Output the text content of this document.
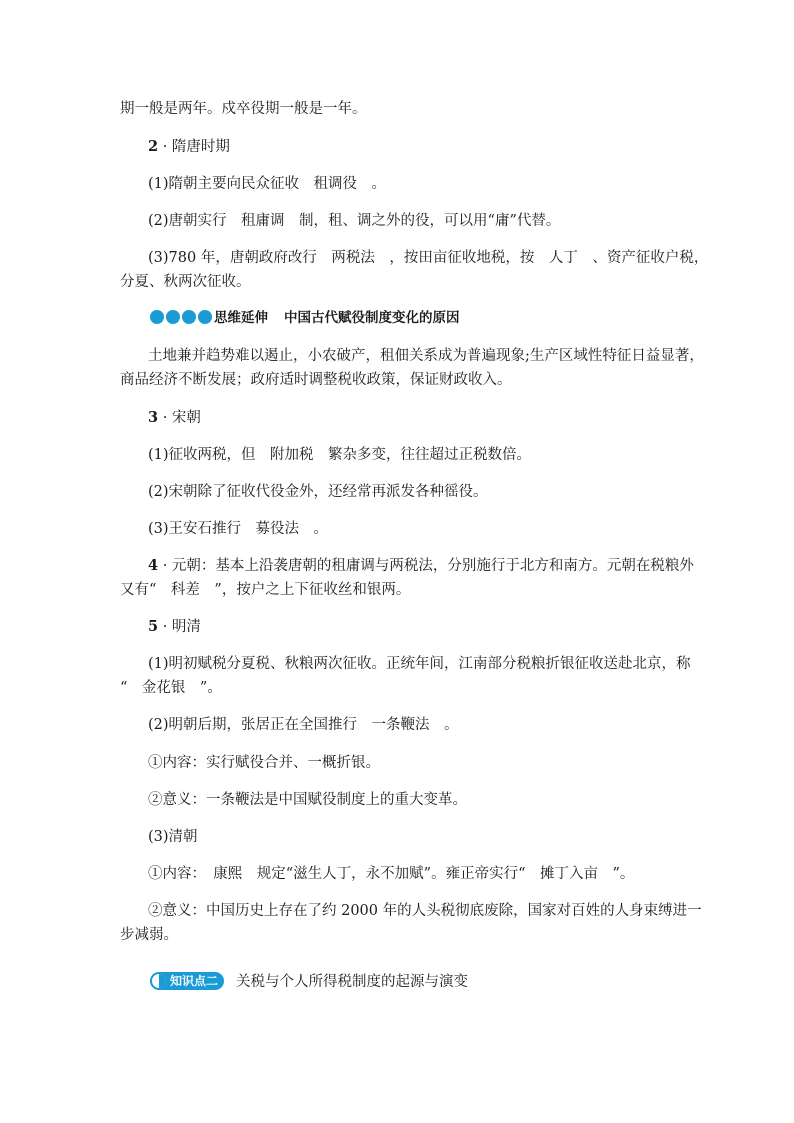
期一般是两年。戍卒役期一般是一年。
2 · 隋唐时期
(1)隋朝主要向民众征收　租调役　。
(2)唐朝实行　租庸调　制，租、调之外的役，可以用“庸”代替。
(3)780 年，唐朝政府改行　两税法　，按田亩征收地税，按　人丁　、资产征收户税，
分夏、秋两次征收。
思维延伸 中国古代赋役制度变化的原因
土地兼并趋势难以遏止，小农破产，租佃关系成为普遍现象;生产区域性特征日益显著，
商品经济不断发展；政府适时调整税收政策，保证财政收入。
3 · 宋朝
(1)征收两税，但　附加税　繁杂多变，往往超过正税数倍。
(2)宋朝除了征收代役金外，还经常再派发各种徭役。
(3)王安石推行　募役法　。
4 · 元朝：基本上沿袭唐朝的租庸调与两税法，分别施行于北方和南方。元朝在税粮外
又有“　科差　”，按户之上下征收丝和银两。
5 · 明清
(1)明初赋税分夏税、秋粮两次征收。正统年间，江南部分税粮折银征收送赴北京，称
“　金花银　”。
(2)明朝后期，张居正在全国推行　一条鞭法　。
①内容：实行赋役合并、一概折银。
②意义：一条鞭法是中国赋役制度上的重大变革。
(3)清朝
①内容：　康熙　规定“滋生人丁，永不加赋”。雍正帝实行“　摊丁入亩　”。
②意义：中国历史上存在了约 2000 年的人头税彻底废除，国家对百姓的人身束缚进一
步减弱。
知识点二 关税与个人所得税制度的起源与演变
